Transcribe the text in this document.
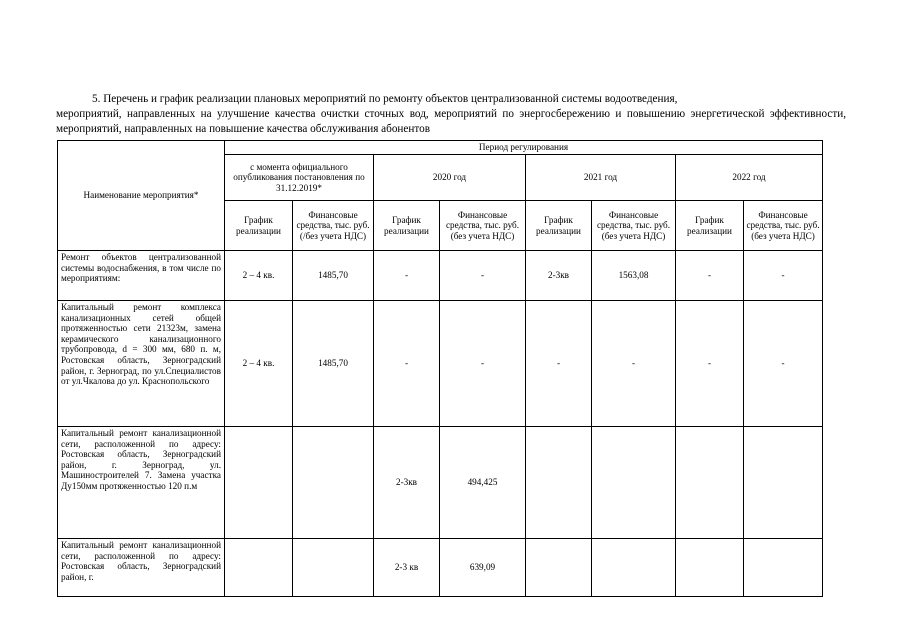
5. Перечень и график реализации плановых мероприятий по ремонту объектов централизованной системы водоотведения,

мероприятий, направленных на улучшение качества очистки сточных вод, мероприятий по энергосбережению и повышению энергетической эффективности, мероприятий, направленных на повышение качества обслуживания абонентов

Наименование мероприятия*	Период регулирования							
	с момента официального опубликования постановления по 31.12.2019*		2020 год		2021 год		2022 год	
	График реализации	Финансовые средства, тыс. руб. (/без учета НДС)	График реализации	Финансовые средства, тыс. руб. (без учета НДС)	График реализации	Финансовые средства, тыс. руб. (без учета НДС)	График реализации	Финансовые средства, тыс. руб. (без учета НДС)
Ремонт объектов централизованной системы водоснабжения, в том числе по мероприятиям:	2 – 4 кв.	1485,70	-	-	2-3кв	1563,08	-	-
Капитальный ремонт комплекса канализационных сетей общей протяженностью сети 21323м, замена керамического канализационного трубопровода, d = 300 мм, 680 п. м, Ростовская область, Зерноградский район, г. Зерноград, по ул.Специалистов от ул.Чкалова до ул. Краснопольского	2 – 4 кв.	1485,70	-	-	-	-	-	-
Капитальный ремонт канализационной сети, расположенной по адресу: Ростовская область, Зерноградский район, г. Зерноград, ул. Машиностроителей 7. Замена участка Ду150мм протяженностью 120 п.м			2-3кв	494,425				
Капитальный ремонт канализационной сети, расположенной по адресу: Ростовская область, Зерноградский район, г.			2-3 кв	639,09				
